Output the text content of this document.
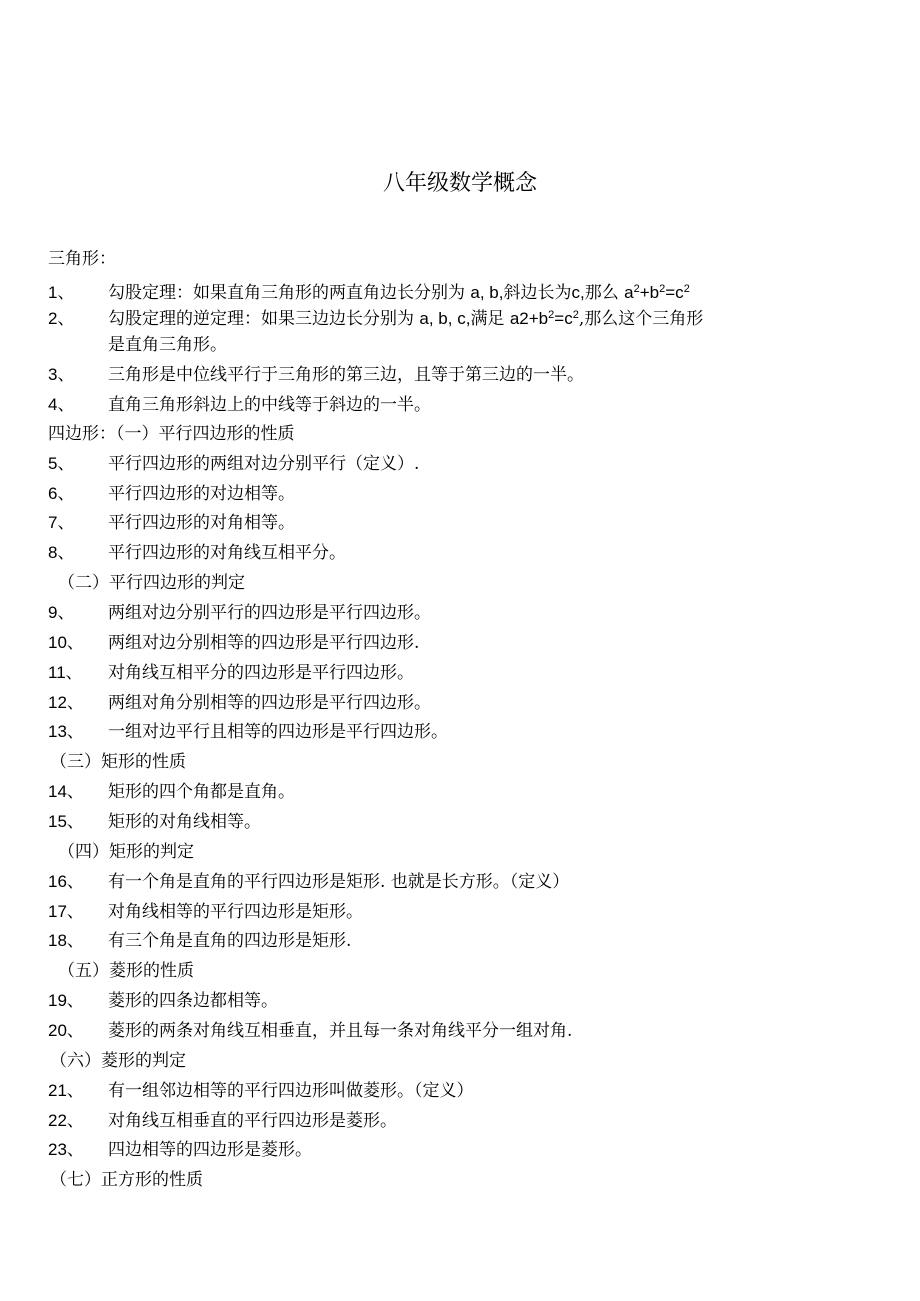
八年级数学概念
三角形：
1、 勾股定理：如果直角三角形的两直角边长分别为 a, b,斜边长为c,那么 $a^2+b^2=c^2$
2、 勾股定理的逆定理：如果三边边长分别为 a, b, c,满足 $a2+b^2=c^2$,那么这个三角形
是直角三角形。
3、 三角形是中位线平行于三角形的第三边，且等于第三边的一半。
4、 直角三角形斜边上的中线等于斜边的一半。
四边形：（一）平行四边形的性质
5、 平行四边形的两组对边分别平行（定义）.
6、 平行四边形的对边相等。
7、 平行四边形的对角相等。
8、 平行四边形的对角线互相平分。
（二）平行四边形的判定
9、 两组对边分别平行的四边形是平行四边形。
10、 两组对边分别相等的四边形是平行四边形.
11、 对角线互相平分的四边形是平行四边形。
12、 两组对角分别相等的四边形是平行四边形。
13、 一组对边平行且相等的四边形是平行四边形。
（三）矩形的性质
14、 矩形的四个角都是直角。
15、 矩形的对角线相等。
（四）矩形的判定
16、 有一个角是直角的平行四边形是矩形. 也就是长方形。（定义）
17、 对角线相等的平行四边形是矩形。
18、 有三个角是直角的四边形是矩形.
（五）菱形的性质
19、 菱形的四条边都相等。
20、 菱形的两条对角线互相垂直，并且每一条对角线平分一组对角.
（六）菱形的判定
21、 有一组邻边相等的平行四边形叫做菱形。（定义）
22、 对角线互相垂直的平行四边形是菱形。
23、 四边相等的四边形是菱形。
（七）正方形的性质
